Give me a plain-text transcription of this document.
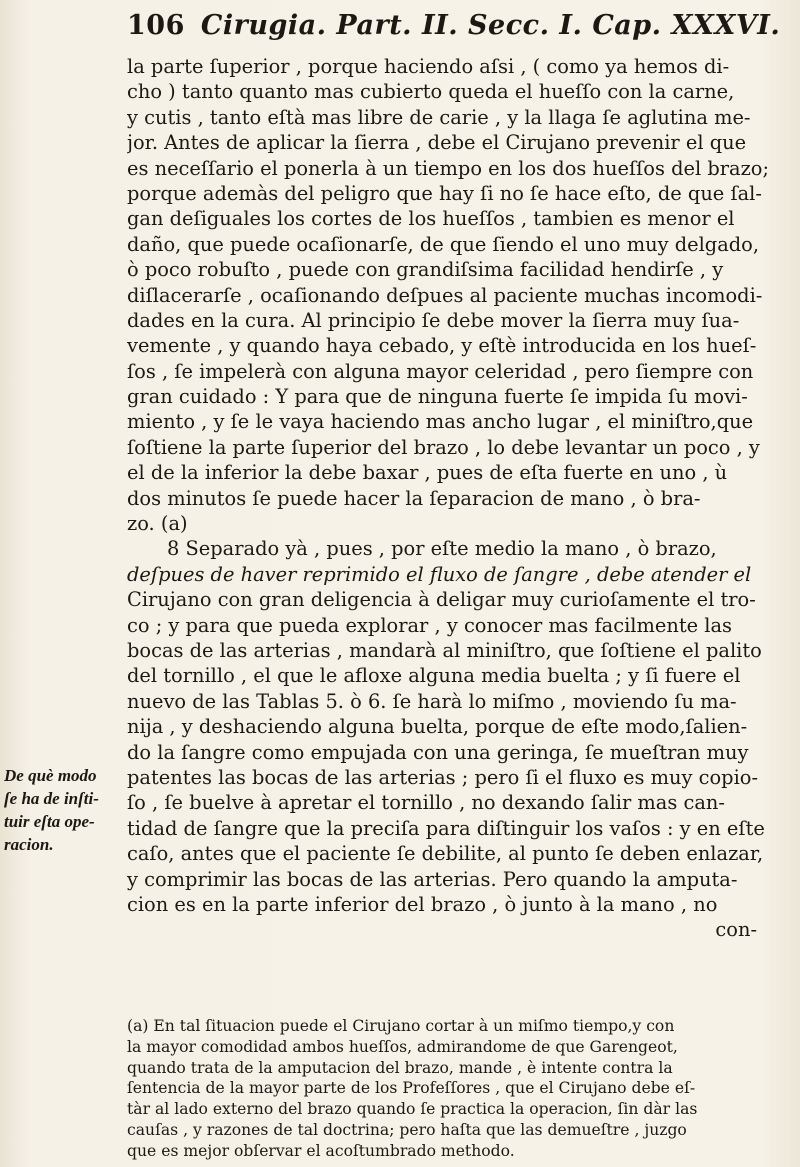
106 Cirugia. Part. II. Secc. I. Cap. XXXVI.
la parte ſuperior , porque haciendo aſsi , ( como ya hemos di-
cho ) tanto quanto mas cubierto queda el hueſſo con la carne,
y cutis , tanto eſtà mas libre de carie , y la llaga ſe aglutina me-
jor. Antes de aplicar la ſierra , debe el Cirujano prevenir el que
es neceſſario el ponerla à un tiempo en los dos hueſſos del brazo;
porque ademàs del peligro que hay ſi no ſe hace eſto, de que ſal-
gan deſiguales los cortes de los hueſſos , tambien es menor el
daño, que puede ocaſionarſe, de que ſiendo el uno muy delgado,
ò poco robuſto , puede con grandiſsima facilidad hendirſe , y
diſlacerarſe , ocaſionando deſpues al paciente muchas incomodi-
dades en la cura. Al principio ſe debe mover la ſierra muy ſua-
vemente , y quando haya cebado, y eſtè introducida en los hueſ-
ſos , ſe impelerà con alguna mayor celeridad , pero ſiempre con
gran cuidado : Y para que de ninguna fuerte ſe impida ſu movi-
miento , y ſe le vaya haciendo mas ancho lugar , el miniſtro,que
ſoſtiene la parte ſuperior del brazo , lo debe levantar un poco , y
el de la inferior la debe baxar , pues de eſta fuerte en uno , ù
dos minutos ſe puede hacer la ſeparacion de mano , ò bra-
zo. (a)
8 Separado yà , pues , por eſte medio la mano , ò brazo,
deſpues de haver reprimido el fluxo de ſangre , debe atender el
Cirujano con gran deligencia à deligar muy curioſamente el tro-
co ; y para que pueda explorar , y conocer mas facilmente las
bocas de las arterias , mandarà al miniſtro, que ſoſtiene el palito
del tornillo , el que le afloxe alguna media buelta ; y ſi fuere el
nuevo de las Tablas 5. ò 6. ſe harà lo miſmo , moviendo ſu ma-
nija , y deshaciendo alguna buelta, porque de eſte modo,ſalien-
do la ſangre como empujada con una geringa, ſe mueſtran muy
patentes las bocas de las arterias ; pero ſi el fluxo es muy copio-
ſo , ſe buelve à apretar el tornillo , no dexando ſalir mas can-
tidad de ſangre que la preciſa para diſtinguir los vaſos : y en eſte
caſo, antes que el paciente ſe debilite, al punto ſe deben enlazar,
y comprimir las bocas de las arterias. Pero quando la amputa-
cion es en la parte inferior del brazo , ò junto à la mano , no
con-
De què modo
ſe ha de inſti-
tuir eſta ope-
racion.
(a) En tal ſituacion puede el Cirujano cortar à un miſmo tiempo,y con
la mayor comodidad ambos hueſſos, admirandome de que Garengeot,
quando trata de la amputacion del brazo, mande , è intente contra la
ſentencia de la mayor parte de los Profeſſores , que el Cirujano debe eſ-
tàr al lado externo del brazo quando ſe practica la operacion, ſin dàr las
cauſas , y razones de tal doctrina; pero haſta que las demueſtre , juzgo
que es mejor obſervar el acoſtumbrado methodo.
